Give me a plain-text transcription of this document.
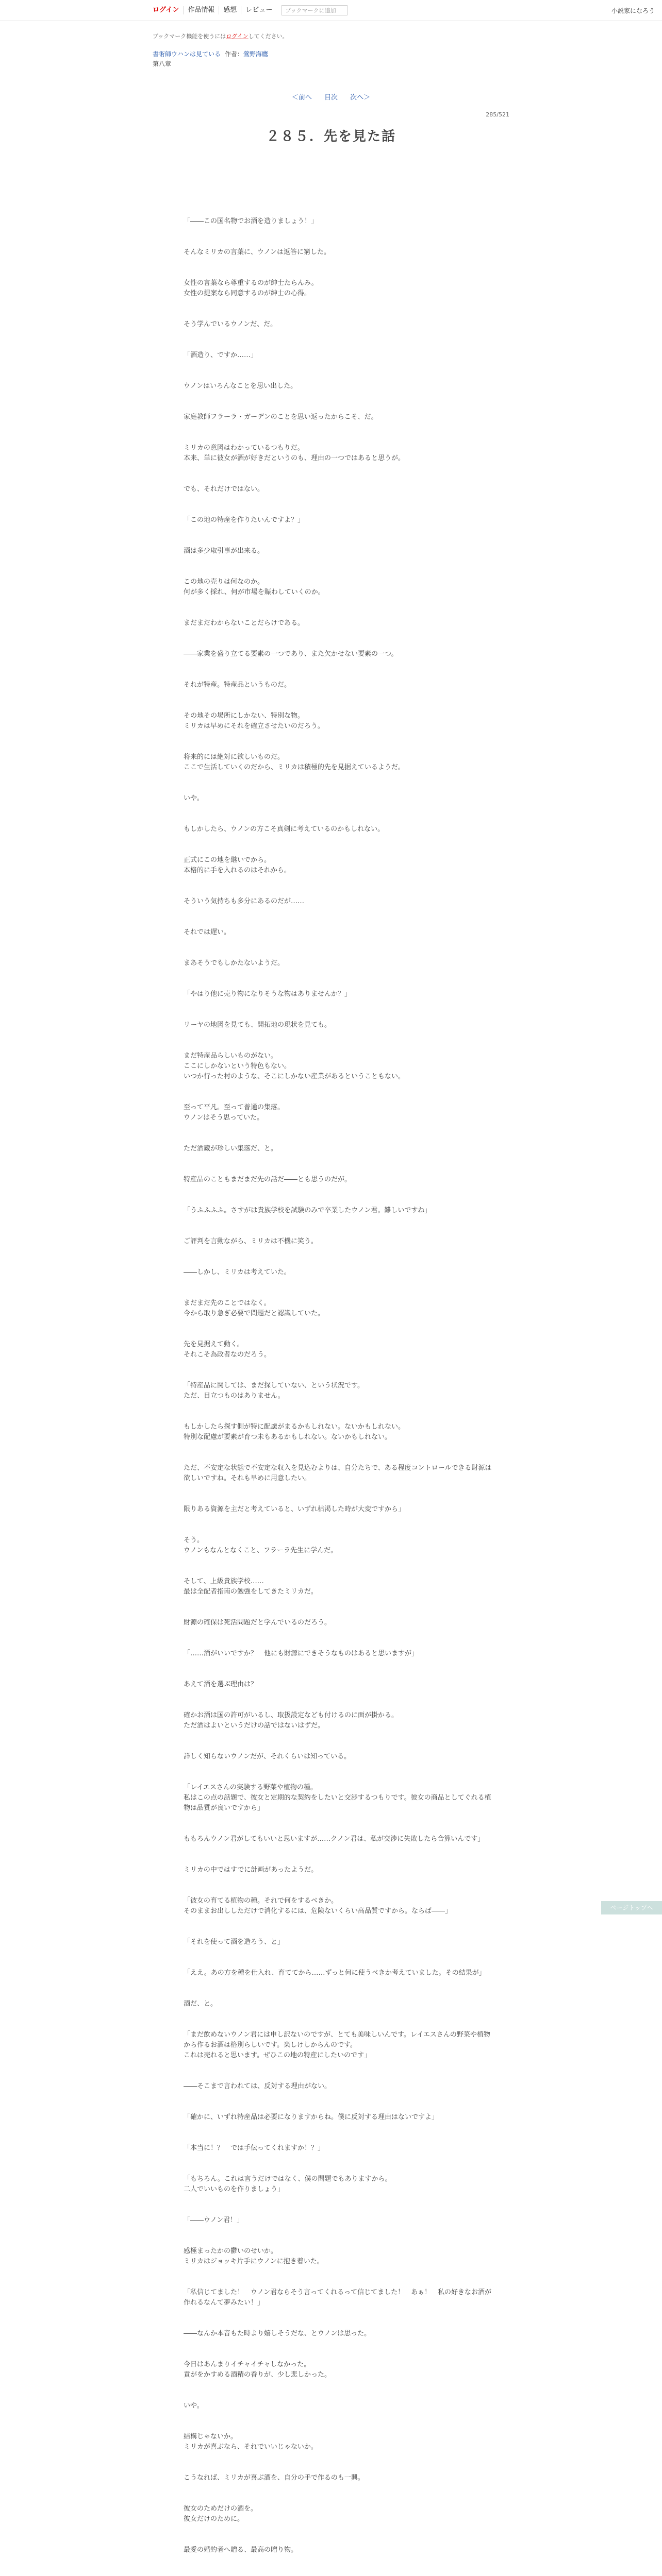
ログイン	作品情報	感想	レビュー	ブックマークに追加	小説家になろう
ブックマーク機能を使うにはログインしてください。
書術師ウハンは見ている 作者：鶯野海鷹
第八章
＜前へ 目次 次へ＞
285/521
２８５．先を見た話

「――この国名物でお酒を造りましょう！」

そんなミリカの言葉に、ウノンは返答に窮した。

女性の言葉なら尊重するのが紳士たらんみ。

女性の提案なら同意するのが紳士の心得。

そう学んでいるウノンだ、だ。

「酒造り、ですか……」

ウノンはいろんなことを思い出した。

家庭教師フラーラ・ガーデンのことを思い返ったからこそ、だ。

ミリカの意図はわかっているつもりだ。

本来、単に彼女が酒が好きだというのも、理由の一つではあると思うが。

でも、それだけではない。

「この地の特産を作りたいんですよ？」

酒は多少取引事が出来る。

この地の売りは何なのか。

何が多く採れ、何が市場を賑わしていくのか。

まだまだわからないことだらけである。

――家業を盛り立てる要素の一つであり、また欠かせない要素の一つ。

それが特産。特産品というものだ。

その地その場所にしかない、特別な物。

ミリカは早めにそれを確立させたいのだろう。

将来的には絶対に欲しいものだ。

ここで生活していくのだから、ミリカは積極的先を見据えているようだ。

いや。

もしかしたら、ウノンの方こそ真剣に考えているのかもしれない。

正式にこの地を継いでから。

本格的に手を入れるのはそれから。

そういう気持ちも多分にあるのだが……

それでは遅い。

まあそうでもしかたないようだ。

「やはり他に売り物になりそうな物はありませんか？」

リーヤの地図を見ても、開拓地の現状を見ても。

まだ特産品らしいものがない。

ここにしかないという特色もない。

いつか行った村のような、そこにしかない産業があるということもない。

至って平凡。至って普通の集落。

ウノンはそう思っていた。

ただ酒蔵が珍しい集落だ、と。

特産品のこともまだまだ先の話だ――とも思うのだが。

「うふふふふ。さすがは貴族学校を試験のみで卒業したウノン君。難しいですね」

ご評判を言動ながら、ミリカは不機に笑う。

――しかし、ミリカは考えていた。

まだまだ先のことではなく。

今から取り急ぎ必要で問題だと認識していた。

先を見据えて動く。

それこそ為政者なのだろう。

「特産品に関しては、まだ探していない、という状況です。

ただ、目立つものはありません。

もしかしたら探す側が特に配慮がまるかもしれない。ないかもしれない。

特別な配慮が要素が育つ未もあるかもしれない。ないかもしれない。

ただ、不安定な状態で不安定な収入を見込むよりは、自分たちで、ある程度コントロールできる財源は欲しいですね。それも早めに用意したい。

限りある資源を主だと考えていると、いずれ枯渇した時が大変ですから」

そう。

ウノンもなんとなくこと、フラーラ先生に学んだ。

そして、上級貴族学校……

最は全配者指南の勉強をしてきたミリカだ。

財源の確保は死活問題だと学んでいるのだろう。

「……酒がいいですか？　他にも財源にできそうなものはあると思いますが」

あえて酒を選ぶ理由は？

確かお酒は国の許可がいるし、取扱設定なども付けるのに面が掛かる。

ただ酒はよいというだけの話ではないはずだ。

詳しく知らないウノンだが、それくらいは知っている。

「レイエスさんの実験する野菜や植物の種。

私はこの点の話題で、彼女と定期的な契約をしたいと交渉するつもりです。彼女の商品としてぐれる植物は品質が良いですから」

ももろんウノン君がしてもいいと思いますが……クノン君は、私が交渉に失敗したら合算いんです」

ミリカの中ではすでに計画があったようだ。

「彼女の育てる植物の種。それで何をするべきか。

そのままお出ししただけで消化するには、危険ないくらい高品質ですから。ならば――」

「それを使って酒を造ろう、と」

「ええ。あの方を種を仕入れ、育ててから……ずっと何に使うべきか考えていました。その結果が」

酒だ、と。

「まだ飲めないウノン君には申し訳ないのですが、とても美味しいんです。レイエスさんの野菜や植物から作るお酒は格別らしいです。楽しけしからんのです。

これは売れると思います。ぜひこの地の特産にしたいのです」

――そこまで言われては、反対する理由がない。

「確かに、いずれ特産品は必要になりますからね。僕に反対する理由はないですよ」

「本当に！？　では手伝ってくれますか！？」

「もちろん。これは言うだけではなく、僕の問題でもありますから。

二人でいいものを作りましょう」

「――ウノン君！」

感極まったかの鬱いのせいか。

ミリカはジョッキ片手にウノンに抱き着いた。

「私信じてました！　ウノン君ならそう言ってくれるって信じてました！　あぁ！　私の好きなお酒が作れるなんて夢みたい！」

――なんか本音もた時より嬉しそうだな、とウノンは思った。

今日はあんまりイチャイチャしなかった。

責がをかすめる酒精の香りが、少し悲しかった。

いや。

結構じゃないか。

ミリカが喜ぶなら、それでいいじゃないか。

こうなれば、ミリカが喜ぶ酒を、自分の手で作るのも一興。

彼女のためだけの酒を。

彼女だけのために。

最愛の婚約者へ贈る、最高の贈り物。

ページトップへ
